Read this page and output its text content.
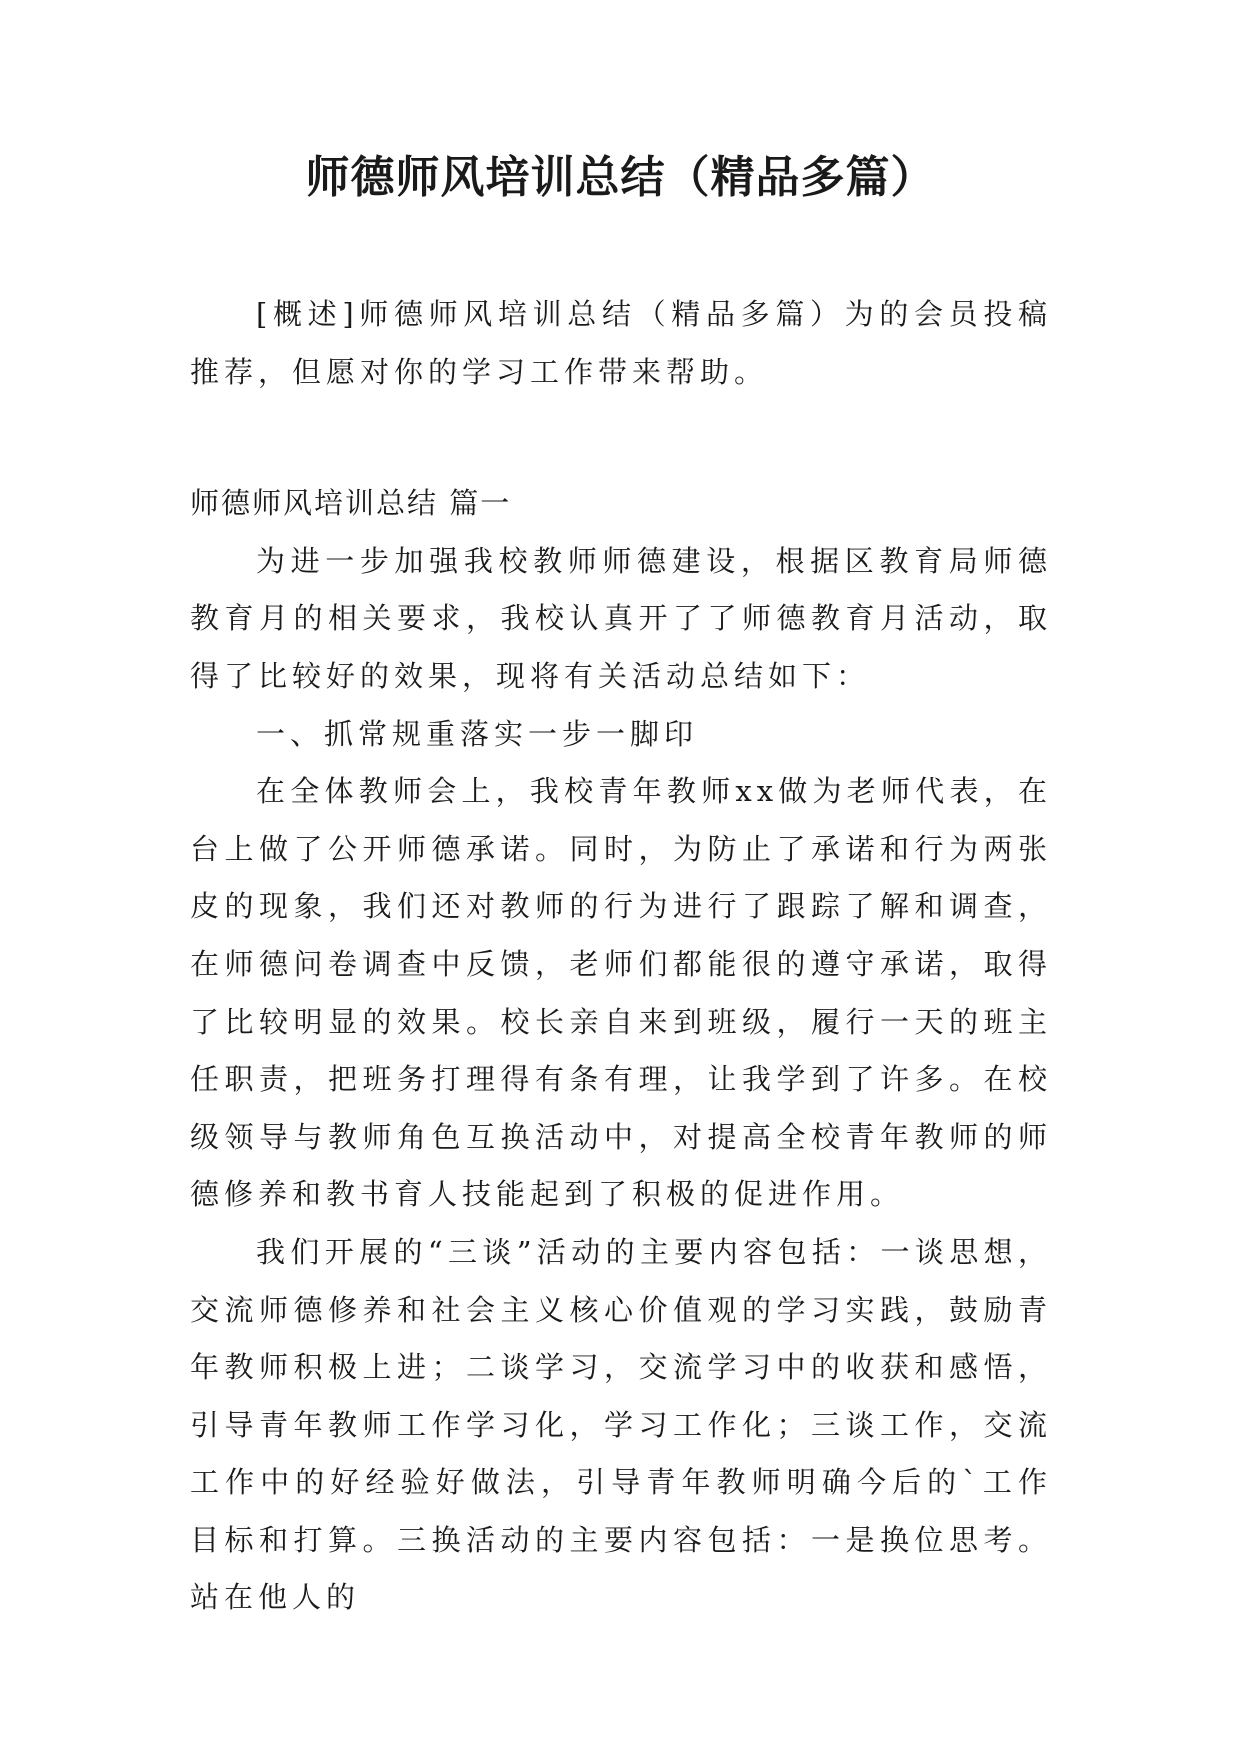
师德师风培训总结（精品多篇）

[概述]师德师风培训总结（精品多篇）为的会员投稿推荐，但愿对你的学习工作带来帮助。

师德师风培训总结 篇一

为进一步加强我校教师师德建设，根据区教育局师德教育月的相关要求，我校认真开了了师德教育月活动，取得了比较好的效果，现将有关活动总结如下：

一、抓常规重落实一步一脚印

在全体教师会上，我校青年教师xx做为老师代表，在台上做了公开师德承诺。同时，为防止了承诺和行为两张皮的现象，我们还对教师的行为进行了跟踪了解和调查，在师德问卷调查中反馈，老师们都能很的遵守承诺，取得了比较明显的效果。校长亲自来到班级，履行一天的班主任职责，把班务打理得有条有理，让我学到了许多。在校级领导与教师角色互换活动中，对提高全校青年教师的师德修养和教书育人技能起到了积极的促进作用。

我们开展的“三谈”活动的主要内容包括：一谈思想，交流师德修养和社会主义核心价值观的学习实践，鼓励青年教师积极上进；二谈学习，交流学习中的收获和感悟，引导青年教师工作学习化，学习工作化；三谈工作，交流工作中的好经验好做法，引导青年教师明确今后的`工作目标和打算。三换活动的主要内容包括：一是换位思考。站在他人的
